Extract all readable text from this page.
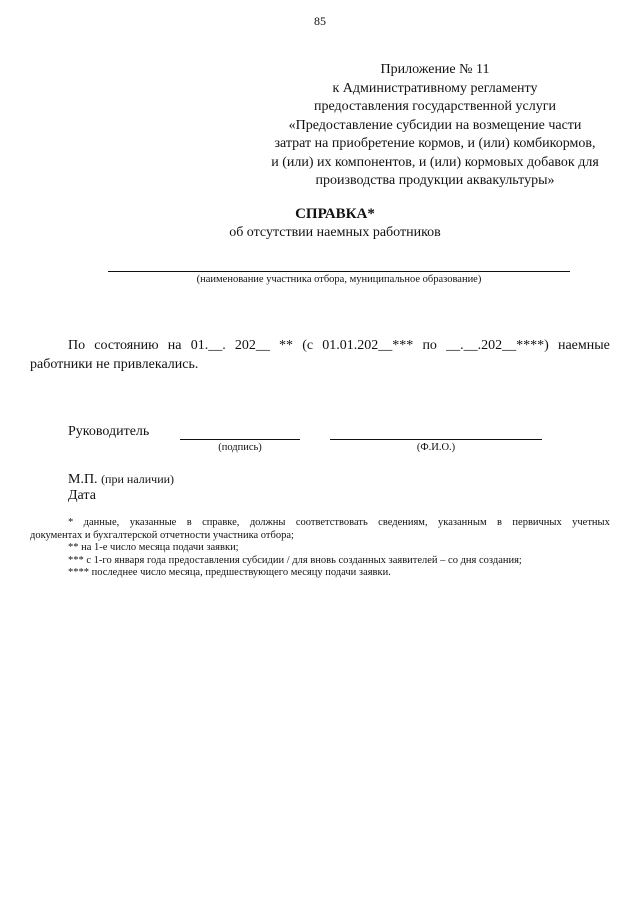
85
Приложение № 11
к Административному регламенту
предоставления государственной услуги
«Предоставление субсидии на возмещение части
затрат на приобретение кормов, и (или) комбикормов,
и (или) их компонентов, и (или) кормовых добавок для
производства продукции аквакультуры»
СПРАВКА*
об отсутствии наемных работников
(наименование участника отбора, муниципальное образование)
По состоянию на 01.__. 202__ ** (с 01.01.202__*** по __.__.202__****) наемные
работники не привлекались.
Руководитель
(подпись)	(Ф.И.О.)
М.П. (при наличии)
Дата
* данные, указанные в справке, должны соответствовать сведениям, указанным в первичных учетных
документах и бухгалтерской отчетности участника отбора;
** на 1-е число месяца подачи заявки;
*** с 1-го января года предоставления субсидии / для вновь созданных заявителей – со дня создания;
**** последнее число месяца, предшествующего месяцу подачи заявки.
